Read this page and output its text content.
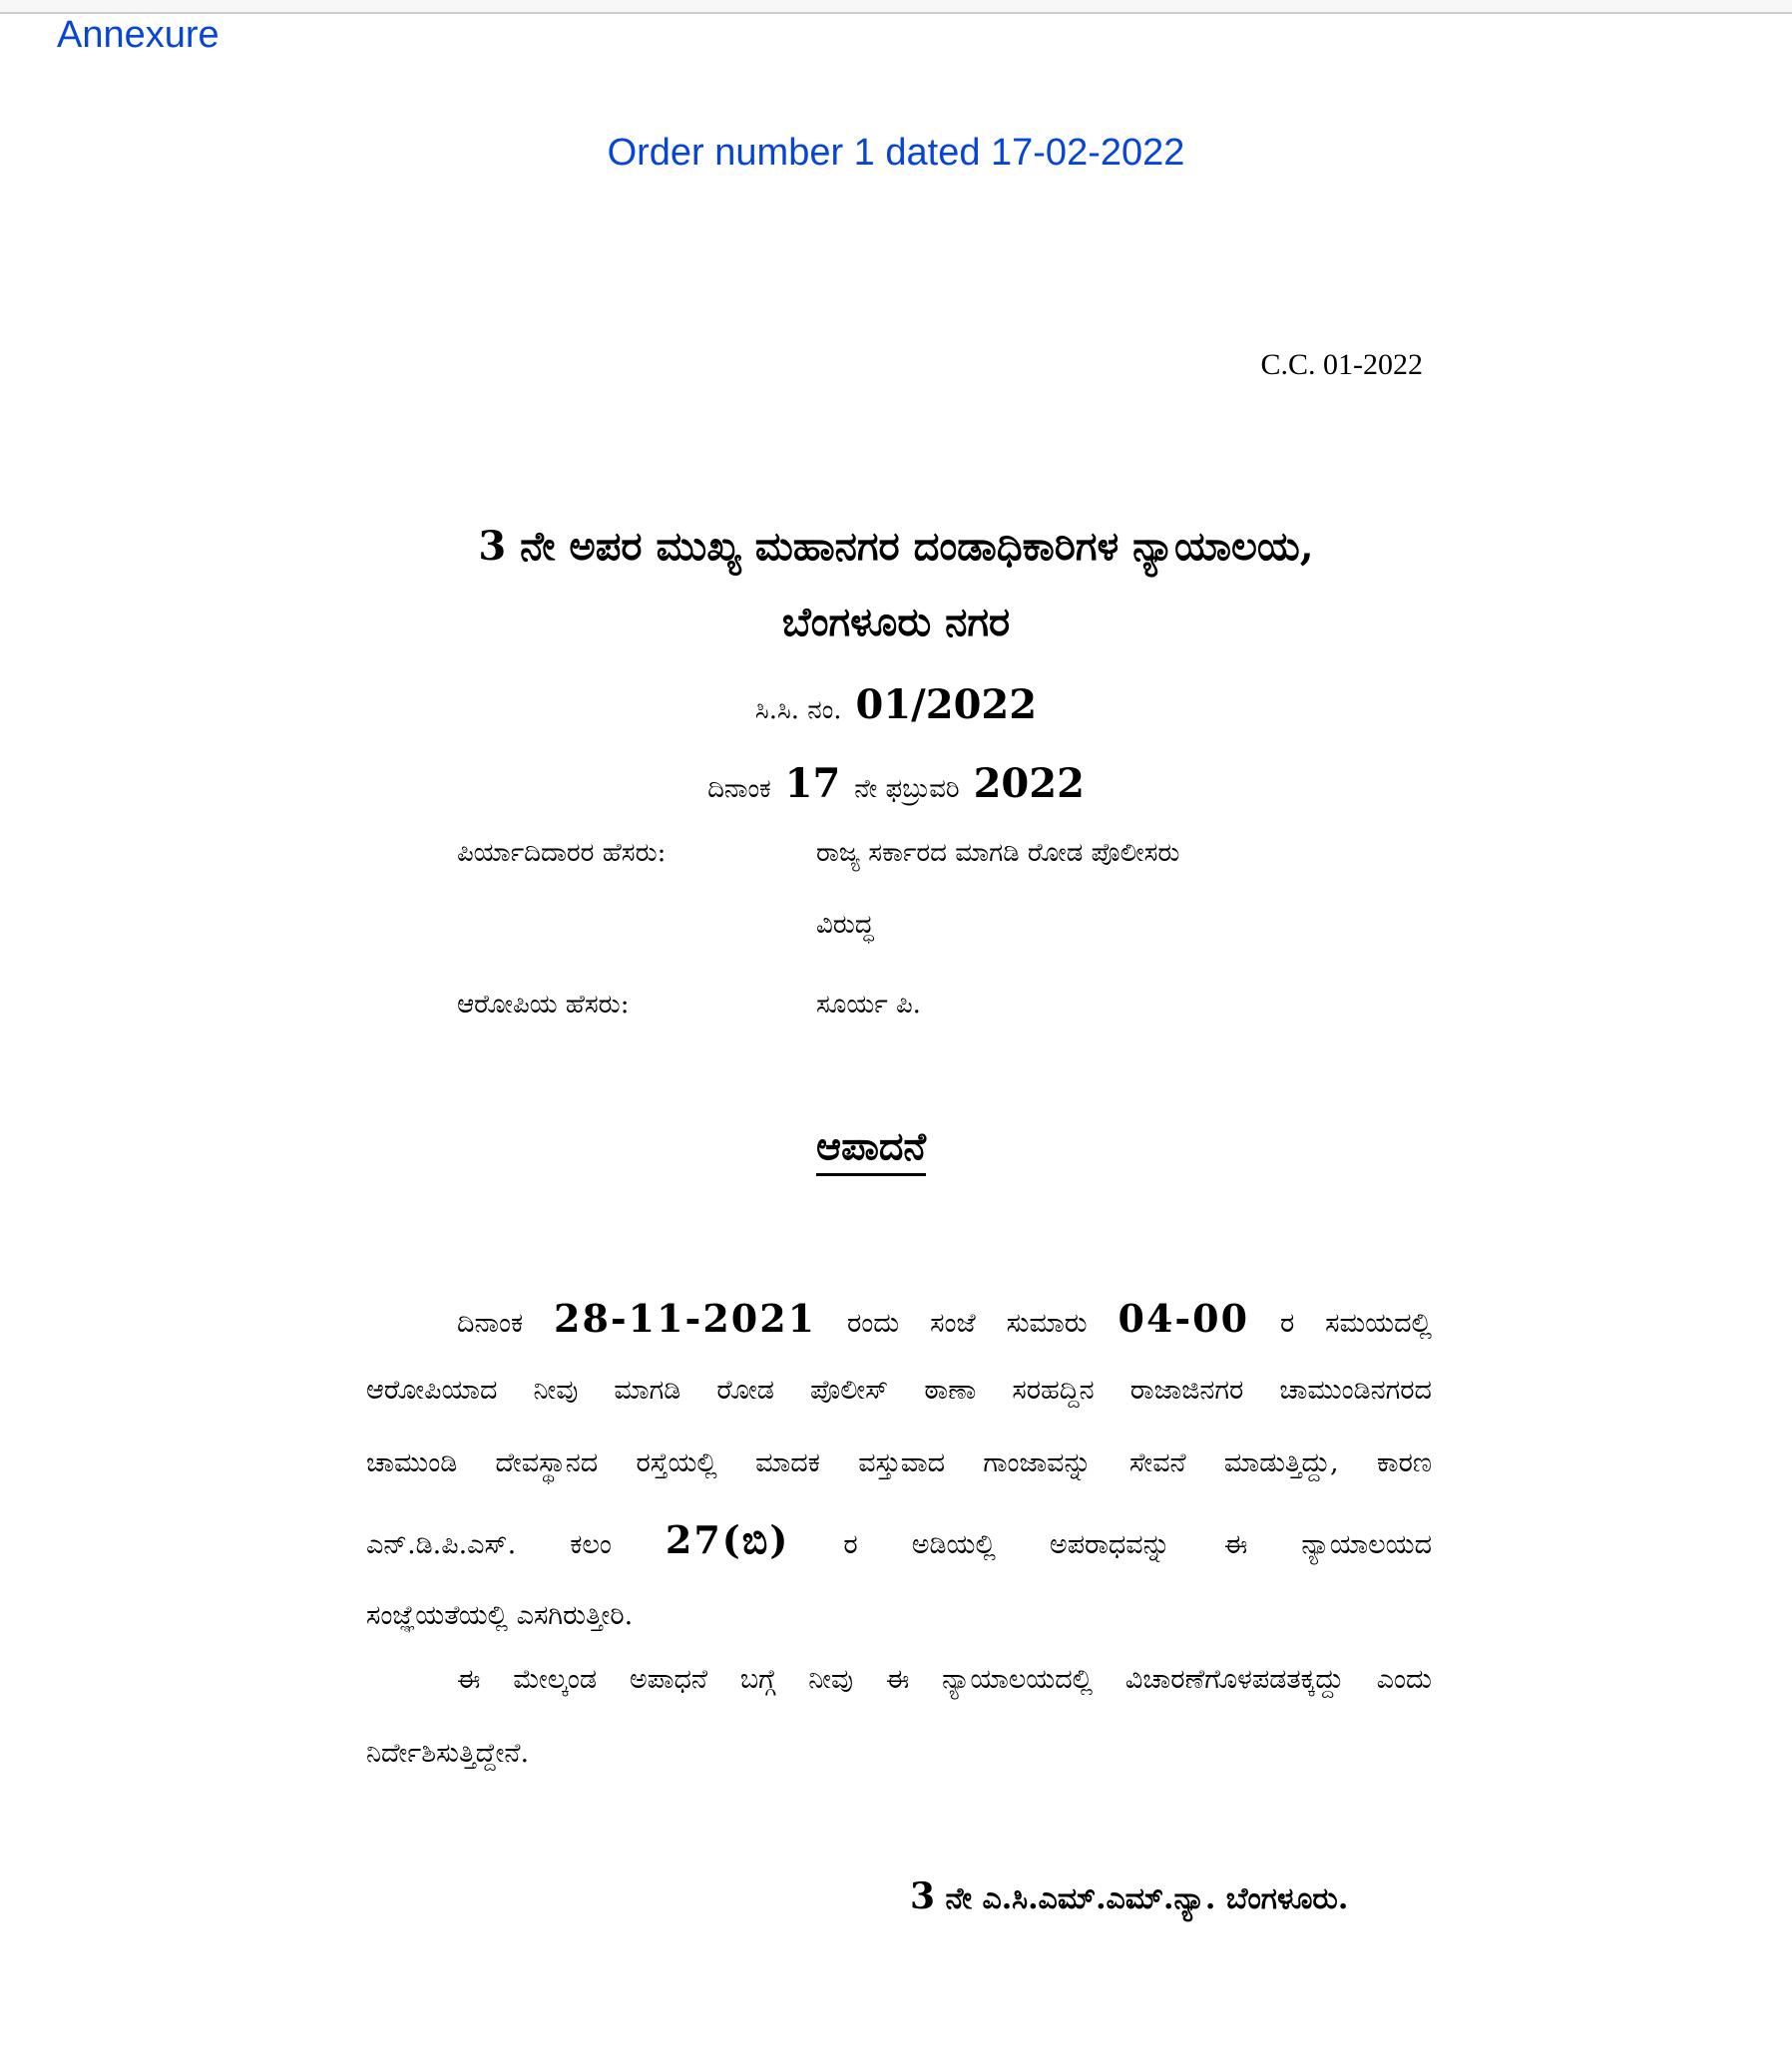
Annexure
Order number 1 dated 17-02-2022
C.C. 01-2022
3 ನೇ ಅಪರ ಮುಖ್ಯ ಮಹಾನಗರ ದಂಡಾಧಿಕಾರಿಗಳ ನ್ಯಾಯಾಲಯ,
ಬೆಂಗಳೂರು ನಗರ
ಸಿ.ಸಿ. ನಂ. 01/2022
ದಿನಾಂಕ 17 ನೇ ಫಬ್ರುವರಿ 2022
ಪಿರ್ಯಾದಿದಾರರ ಹೆಸರು:	ರಾಜ್ಯ ಸರ್ಕಾರದ ಮಾಗಡಿ ರೋಡ ಪೊಲೀಸರು
ವಿರುದ್ಧ
ಆರೋಪಿಯ ಹೆಸರು:	ಸೂರ್ಯ ಪಿ.
ಆಪಾದನೆ
ದಿನಾಂಕ 28-11-2021 ರಂದು ಸಂಜೆ ಸುಮಾರು 04-00 ರ ಸಮಯದಲ್ಲಿ
ಆರೋಪಿಯಾದ ನೀವು ಮಾಗಡಿ ರೋಡ ಪೊಲೀಸ್ ಠಾಣಾ ಸರಹದ್ದಿನ ರಾಜಾಜಿನಗರ ಚಾಮುಂಡಿನಗರದ
ಚಾಮುಂಡಿ ದೇವಸ್ಥಾನದ ರಸ್ತೆಯಲ್ಲಿ ಮಾದಕ ವಸ್ತುವಾದ ಗಾಂಜಾವನ್ನು ಸೇವನೆ ಮಾಡುತ್ತಿದ್ದು, ಕಾರಣ
ಎನ್.ಡಿ.ಪಿ.ಎಸ್. ಕಲಂ 27(ಬಿ) ರ ಅಡಿಯಲ್ಲಿ ಅಪರಾಧವನ್ನು ಈ ನ್ಯಾಯಾಲಯದ
ಸಂಜ್ಞೆಯತೆಯಲ್ಲಿ ಎಸಗಿರುತ್ತೀರಿ.
ಈ ಮೇಲ್ಕಂಡ ಅಪಾಧನೆ ಬಗ್ಗೆ ನೀವು ಈ ನ್ಯಾಯಾಲಯದಲ್ಲಿ ವಿಚಾರಣೆಗೊಳಪಡತಕ್ಕದ್ದು ಎಂದು
ನಿರ್ದೇಶಿಸುತ್ತಿದ್ದೇನೆ.
3 ನೇ ಎ.ಸಿ.ಎಮ್.ಎಮ್.ನ್ಯಾ. ಬೆಂಗಳೂರು.
